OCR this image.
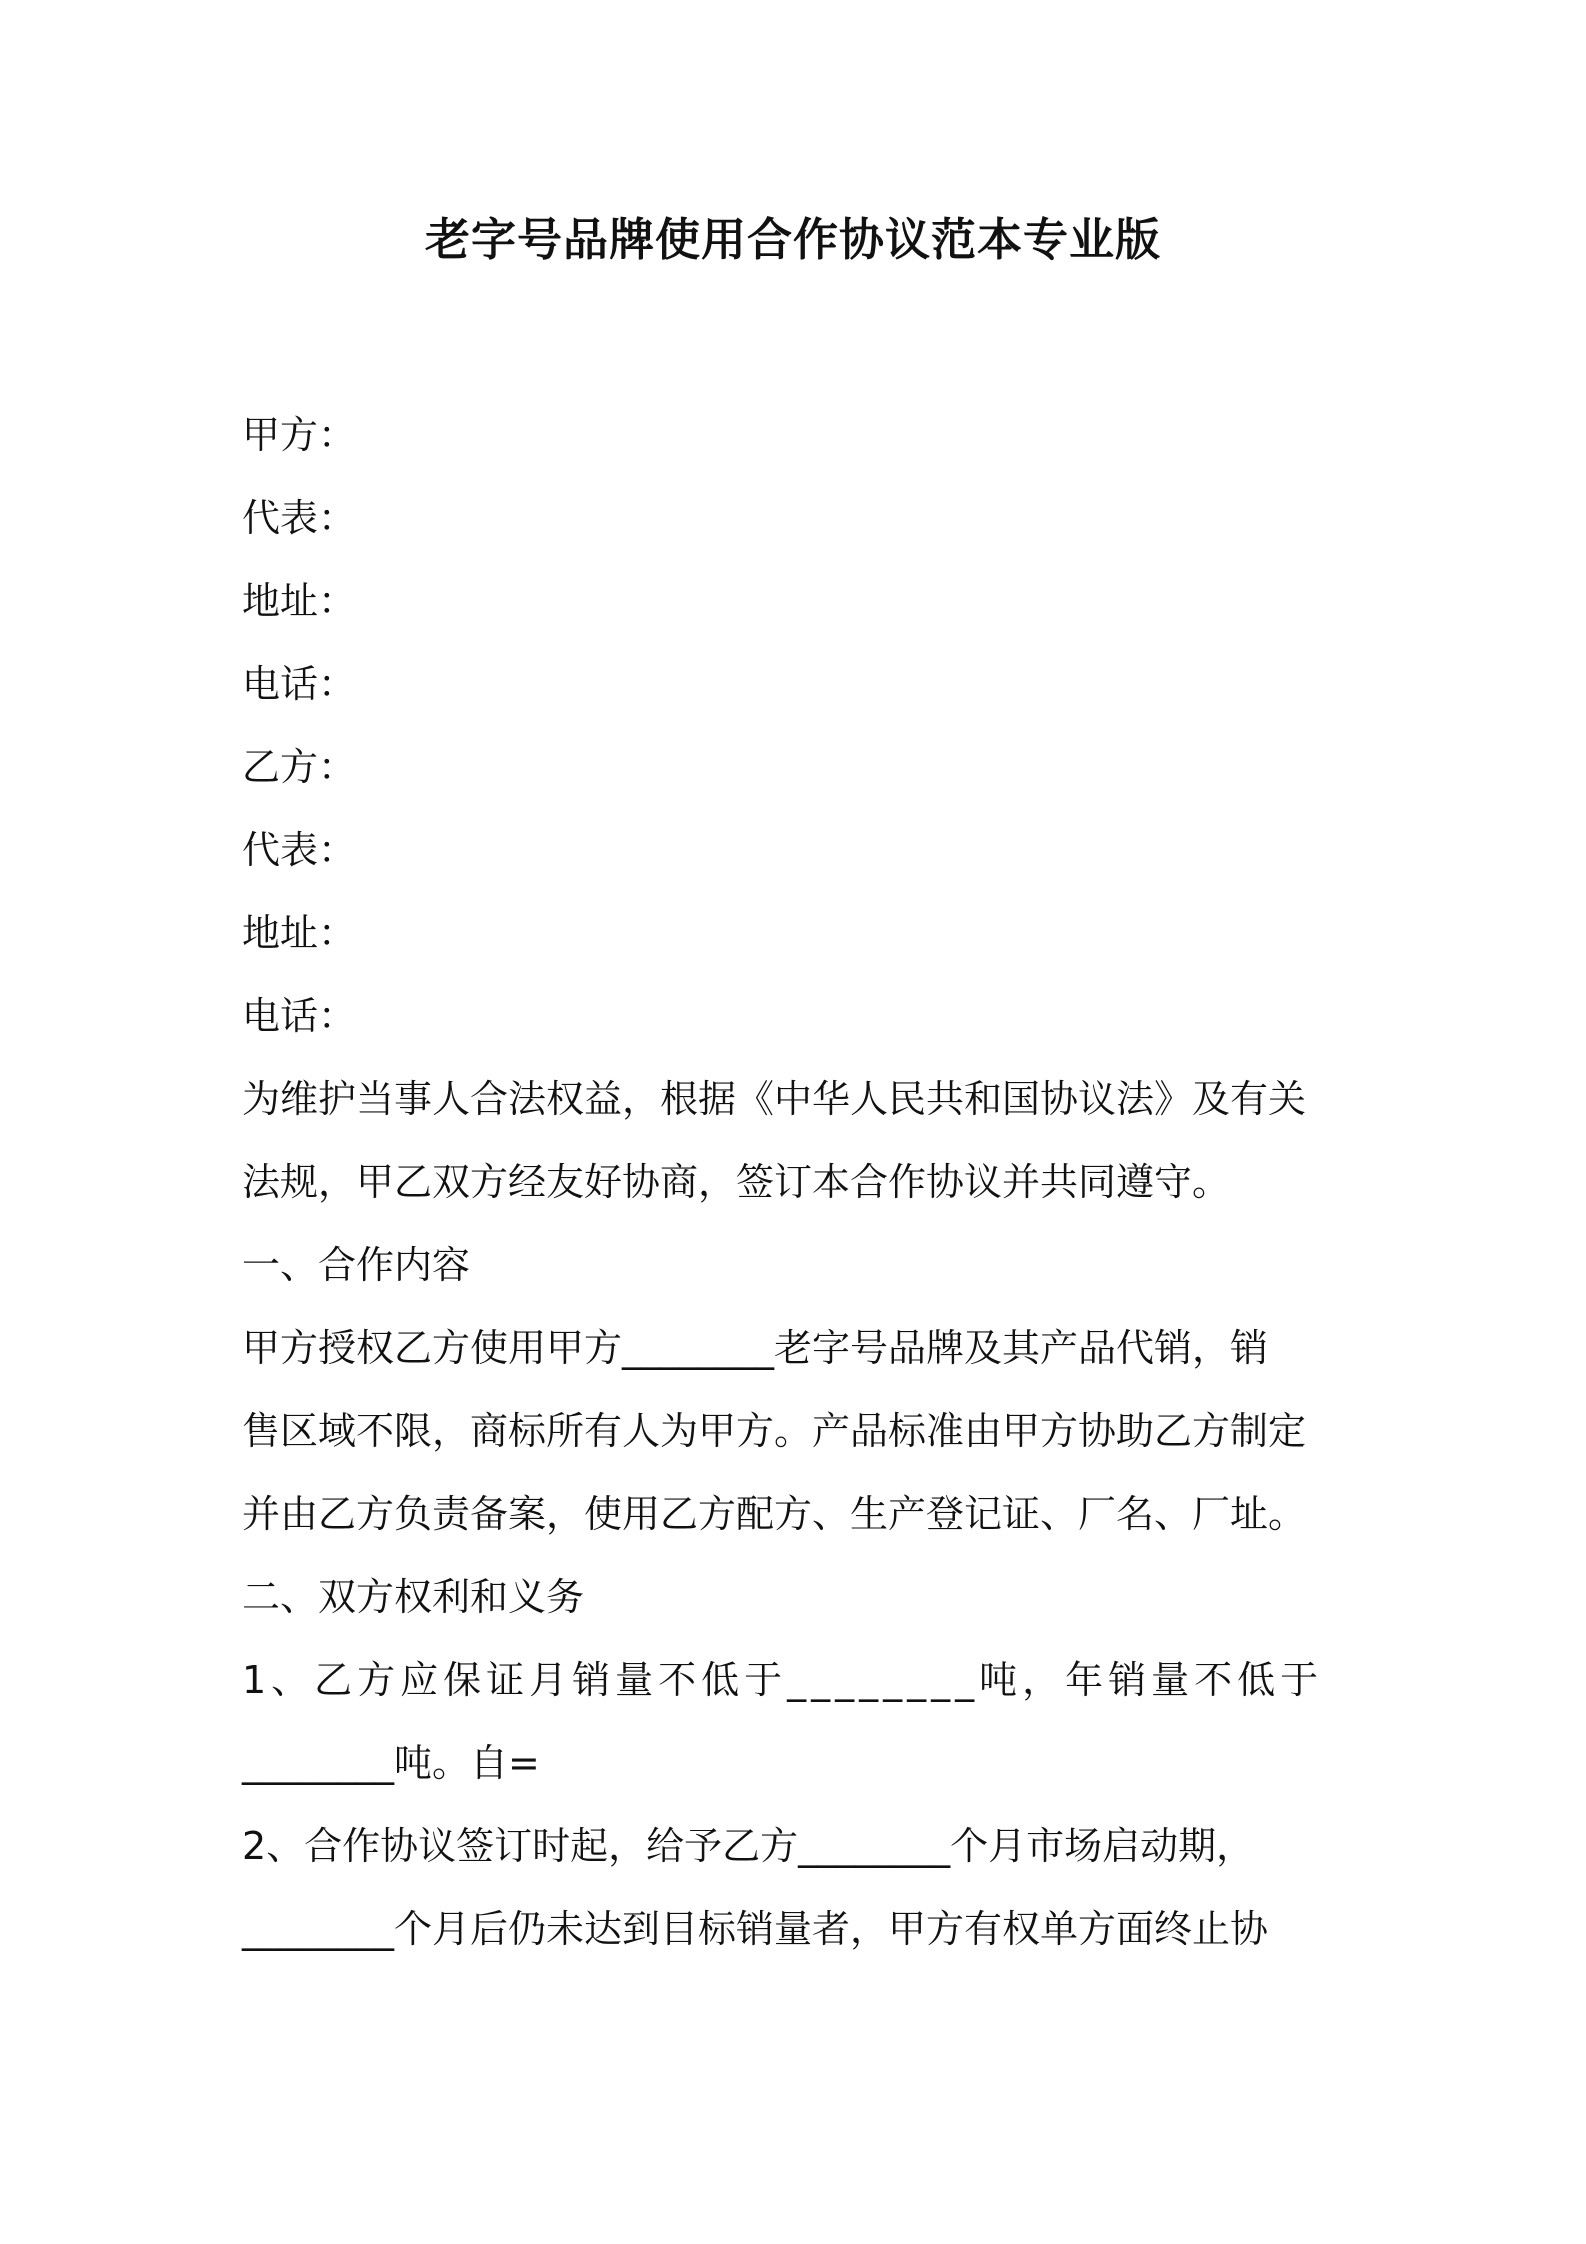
老字号品牌使用合作协议范本专业版
甲方：
代表：
地址：
电话：
乙方：
代表：
地址：
电话：
为维护当事人合法权益，根据《中华人民共和国协议法》及有关
法规，甲乙双方经友好协商，签订本合作协议并共同遵守。
一、合作内容
甲方授权乙方使用甲方________老字号品牌及其产品代销，销
售区域不限，商标所有人为甲方。产品标准由甲方协助乙方制定
并由乙方负责备案，使用乙方配方、生产登记证、厂名、厂址。
二、双方权利和义务
1、乙方应保证月销量不低于________吨，年销量不低于
________吨。自=
2、合作协议签订时起，给予乙方________个月市场启动期，
________个月后仍未达到目标销量者，甲方有权单方面终止协
